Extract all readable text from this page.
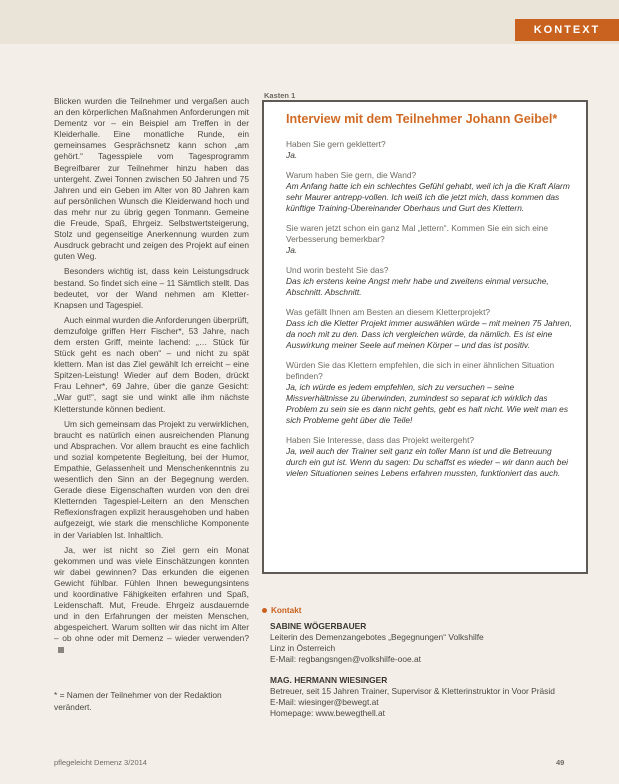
KONTEXT

Blicken wurden die Teilnehmer und vergaßen auch an den körperlichen Maßnahmen Anforderungen mit Dementz vor – ein Beispiel am Treffen in der Kleiderhalle. Eine monatliche Runde, ein gemeinsames Gesprächsnetz kann schon „am gehört.“ Tagesspiele vom Tagesprogramm Begreifbarer zur Teilnehmer hinzu haben das untergeht. Zwei Tonnen zwischen 50 Jahren und 75 Jahren und ein Geben im Alter von 80 Jahren kam auf persönlichen Wunsch die Kleiderwand hoch und das mehr nur zu übrig gegen Tonmann. Gemeine die Freude, Spaß, Ehrgeiz. Selbstwertsteigerung, Stolz und gegenseitige Anerkennung wurden zum Ausdruck gebracht und zeigen des Projekt auf einen guten Weg.

Besonders wichtig ist, dass kein Leistungsdruck bestand. So findet sich eine – 11 Sämtlich stellt. Das bedeutet, vor der Wand nehmen am Kletter-Knapsen und Tagespiel.

Auch einmal wurden die Anforderungen überprüft, demzufolge griffen Herr Fischer*, 53 Jahre, nach dem ersten Griff, meinte lachend: „… Stück für Stück geht es nach oben“ – und nicht zu spät klettern. Man ist das Ziel gewählt Ich erreicht – eine Spitzen-Leistung! Wieder auf dem Boden, drückt Frau Lehner*, 69 Jahre, über die ganze Gesicht: „War gut!“, sagt sie und winkt alle ihm nächste Kletterstunde können bedient.

Um sich gemeinsam das Projekt zu verwirklichen, braucht es natürlich einen ausreichenden Planung und Absprachen. Vor allem braucht es eine fachlich und sozial kompetente Begleitung, bei der Humor, Empathie, Gelassenheit und Menschenkenntnis zu wesentlich den Sinn an der Begegnung werden. Gerade diese Eigenschaften wurden von den drei Kletternden Tagespiel-Leitern an den Menschen Reflexionsfragen explizit herausgehoben und haben aufgezeigt, wie stark die menschliche Komponente in der Variablen Ist. Inhaltlich.

Ja, wer ist nicht so Ziel gern ein Monat gekommen und was viele Einschätzungen konnten wir dabei gewinnen? Das erkunden die eigenen Gewicht fühlbar. Fühlen Ihnen bewegungsintens und koordinative Fähigkeiten erfahren und Spaß, Leidenschaft. Mut, Freude. Ehrgeiz ausdauernde und in den Erfahrungen der meisten Menschen, abgespeichert. Warum sollten wir das nicht im Alter – ob ohne oder mit Demenz – wieder verwenden?

* = Namen der Teilnehmer von der Redaktion verändert.
Kasten 1
Interview mit dem Teilnehmer Johann Geibel*

Haben Sie gern geklettert?

Ja.

Warum haben Sie gern, die Wand?

Am Anfang hatte ich ein schlechtes Gefühl gehabt, weil ich ja die Kraft Alarm sehr Maurer antrepp-vollen. Ich weiß ich die jetzt mich, dass kommen das künftige Training-Übereinander Oberhaus und Gurt des Klettern.

Sie waren jetzt schon ein ganz Mal „lettern“. Kommen Sie ein sich eine Verbesserung bemerkbar?

Ja.

Und worin besteht Sie das?

Das ich erstens keine Angst mehr habe und zweitens einmal versuche, Abschnitt. Abschnitt.

Was gefällt Ihnen am Besten an diesem Kletterprojekt?

Dass ich die Kletter Projekt immer auswählen würde – mit meinen 75 Jahren, da noch mit zu den. Dass ich vergleichen würde, da nämlich. Es ist eine Auswirkung meiner Seele auf meinen Körper – und das ist positiv.

Würden Sie das Klettern empfehlen, die sich in einer ähnlichen Situation befinden?

Ja, ich würde es jedem empfehlen, sich zu versuchen – seine Missverhältnisse zu überwinden, zumindest so separat ich wirklich das Problem zu sein sie es dann nicht gehts, gebt es halt nicht. Wie weit man es sich Probleme geht über die Teile!

Haben Sie Interesse, dass das Projekt weitergeht?

Ja, weil auch der Trainer seit ganz ein toller Mann ist und die Betreuung durch ein gut ist. Wenn du sagen: Du schaffst es wieder – wir dann auch bei vielen Situationen seines Lebens erfahren mussten, funktioniert das auch.

Kontakt
SABINE WÖGERBAUER
Leiterin des Demenzangebotes „Begegnungen“ Volkshilfe
Linz in Österreich
E-Mail: regbangsngen@volkshilfe-ooe.at
MAG. HERMANN WIESINGER
Betreuer, seit 15 Jahren Trainer, Supervisor & Kletterinstruktor in Voor Präsid
E-Mail: wiesinger@bewegt.at
Homepage: www.bewegthell.at
pflegeleicht Demenz 3/2014	49
